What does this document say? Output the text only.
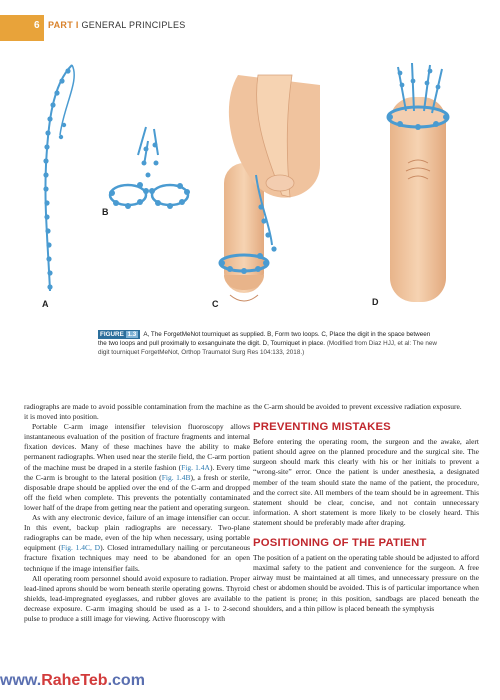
6 PART I GENERAL PRINCIPLES
A
B
C	D
FIGURE 1.3 A, The ForgetMeNot tourniquet as supplied. B, Form two loops. C, Place the digit in the space between the two loops and pull proximally to exsanguinate the digit. D, Tourniquet in place. (Modified from Diaz HJJ, et al: The new digit tourniquet ForgetMeNot, Orthop Traumatol Surg Res 104:133, 2018.)

radiographs are made to avoid possible contamination from the machine as it is moved into position.

Portable C-arm image intensifier television fluoroscopy allows instantaneous evaluation of the position of fracture fragments and internal fixation devices. Many of these machines have the ability to make permanent radiographs. When used near the sterile field, the C-arm portion of the machine must be draped in a sterile fashion (Fig. 1.4A). Every time the C-arm is brought to the lateral position (Fig. 1.4B), a fresh or sterile, disposable drape should be applied over the end of the C-arm and dropped off the field when complete. This prevents the potentially contaminated lower half of the drape from getting near the patient and operating surgeon.

As with any electronic device, failure of an image intensifier can occur. In this event, backup plain radiographs are necessary. Two-plane radiographs can be made, even of the hip when necessary, using portable equipment (Fig. 1.4C, D). Closed intramedullary nailing or percutaneous fracture fixation techniques may need to be abandoned for an open technique if the image intensifier fails.

All operating room personnel should avoid exposure to radiation. Proper lead-lined aprons should be worn beneath sterile operating gowns. Thyroid shields, lead-impregnated eyeglasses, and rubber gloves are available to decrease exposure. C-arm imaging should be used as a 1- to 2-second pulse to produce a still image for viewing. Active fluoroscopy with

the C-arm should be avoided to prevent excessive radiation exposure.

PREVENTING MISTAKES

Before entering the operating room, the surgeon and the awake, alert patient should agree on the planned procedure and the surgical site. The surgeon should mark this clearly with his or her initials to prevent a “wrong-site” error. Once the patient is under anesthesia, a designated member of the team should state the name of the patient, the procedure, and the correct site. All members of the team should be in agreement. This statement should be clear, concise, and not contain unnecessary information. A short statement is more likely to be closely heard. This statement should be preferably made after draping.

POSITIONING OF THE PATIENT

The position of a patient on the operating table should be adjusted to afford maximal safety to the patient and convenience for the surgeon. A free airway must be maintained at all times, and unnecessary pressure on the chest or abdomen should be avoided. This is of particular importance when the patient is prone; in this position, sandbags are placed beneath the shoulders, and a thin pillow is placed beneath the symphysis

www.RaheTeb.com
